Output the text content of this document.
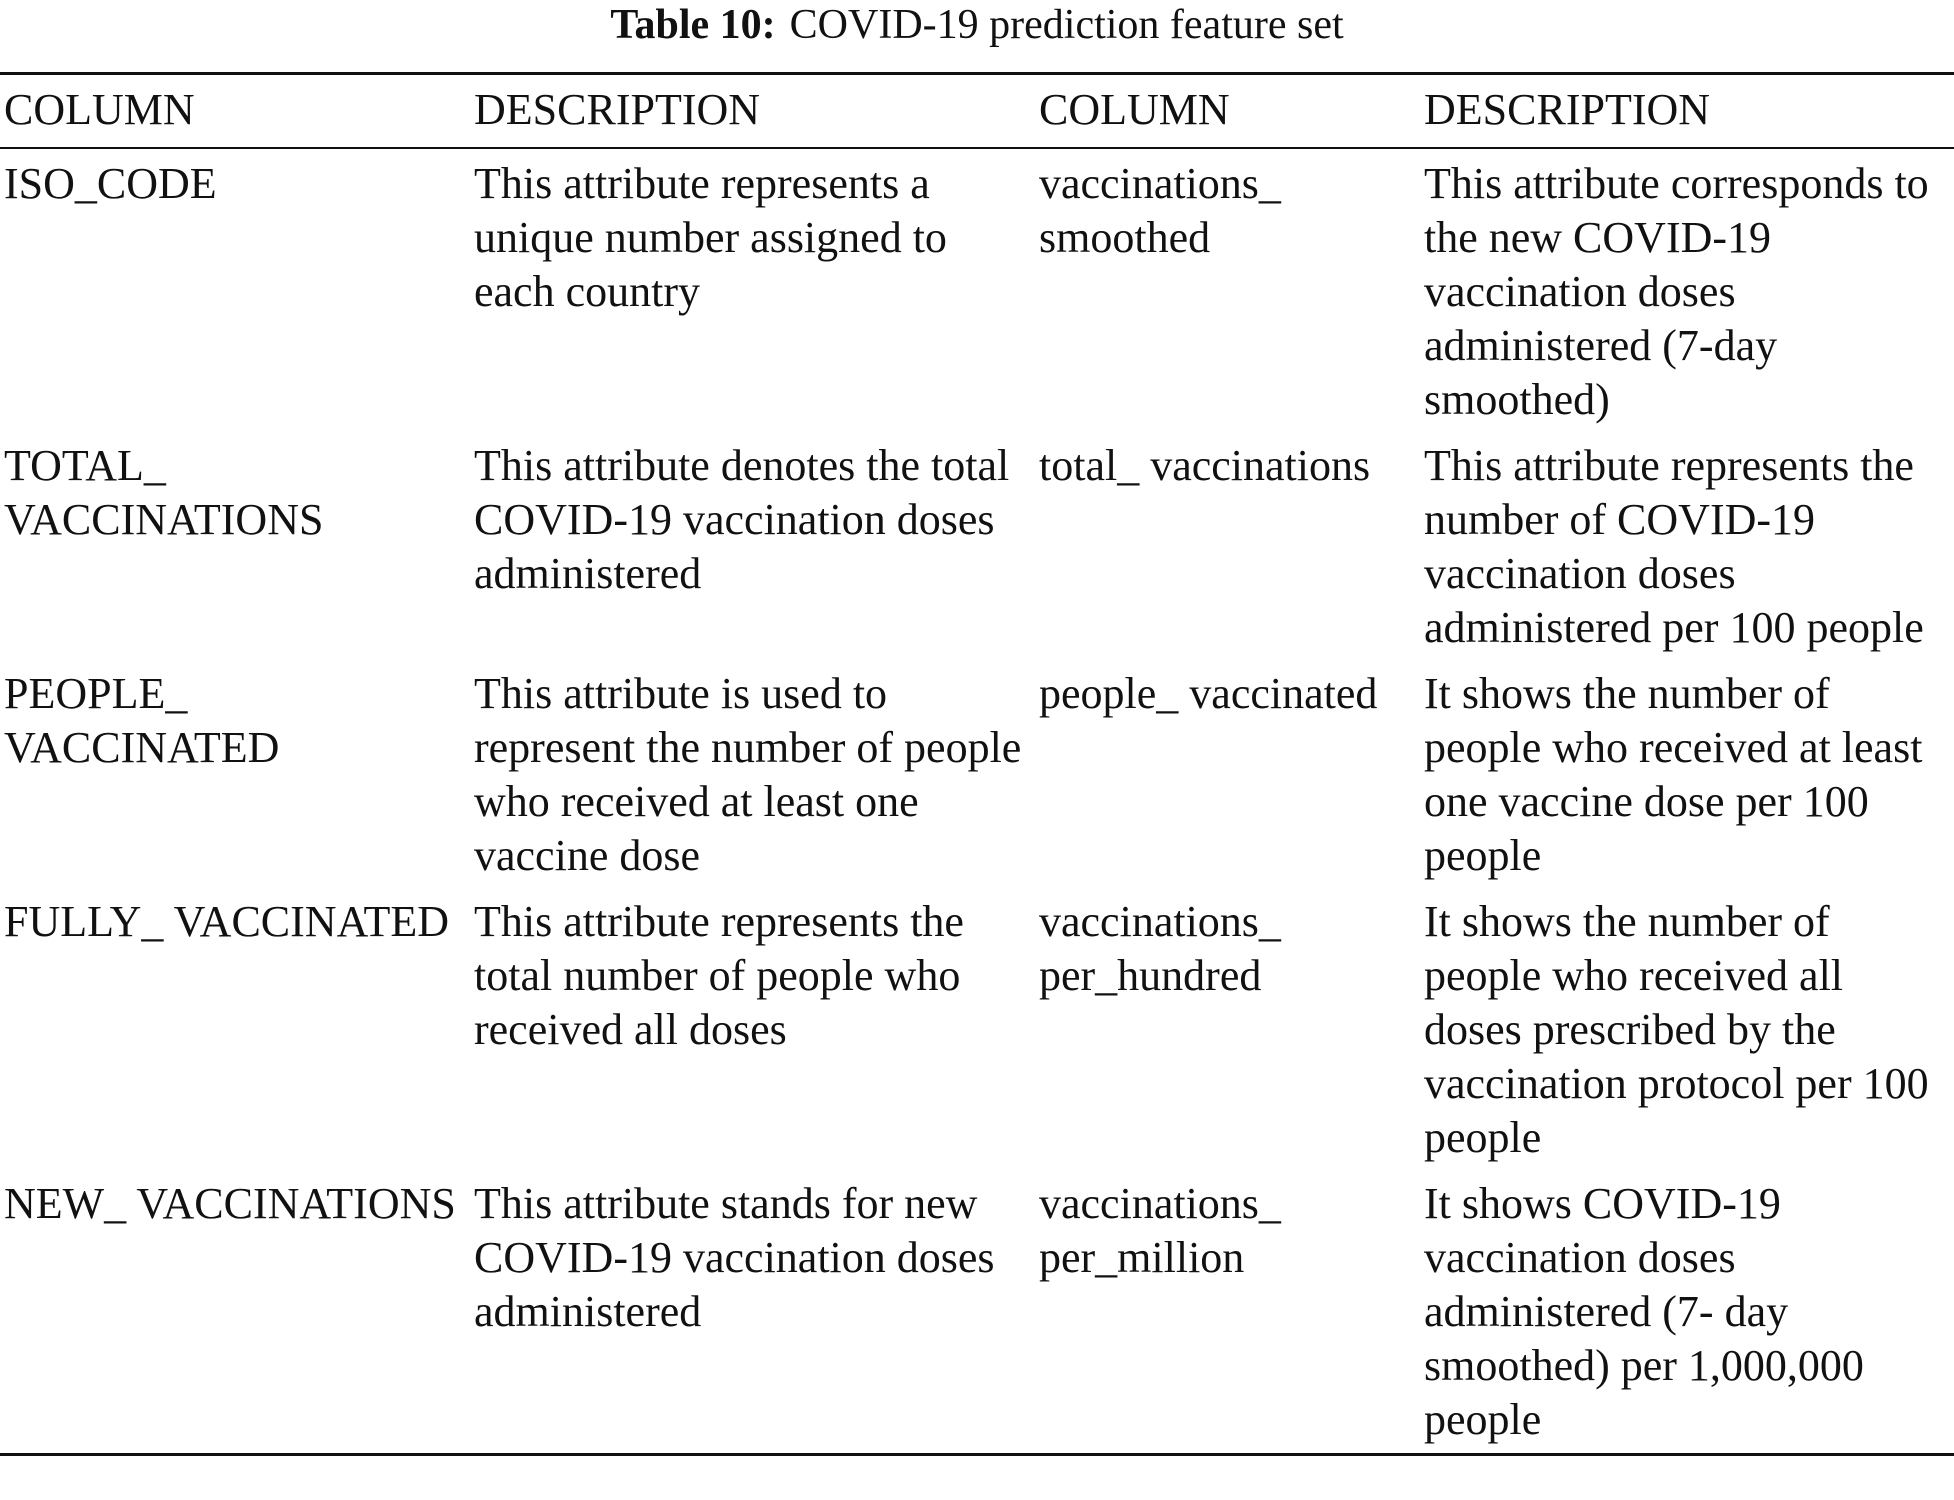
Table 10: COVID-19 prediction feature set
COLUMN	DESCRIPTION	COLUMN	DESCRIPTION

ISO_CODE	This attribute represents a unique number assigned to each country	vaccinations_ smoothed	This attribute corresponds to the new COVID-19 vaccination doses administered (7-day smoothed)

TOTAL_ VACCINATIONS	This attribute denotes the total COVID-19 vaccination doses administered	total_ vaccinations	This attribute represents the number of COVID-19 vaccination doses administered per 100 people

PEOPLE_ VACCINATED	This attribute is used to represent the number of people who received at least one vaccine dose	people_ vaccinated	It shows the number of people who received at least one vaccine dose per 100 people

FULLY_ VACCINATED	This attribute represents the total number of people who received all doses	vaccinations_ per_hundred	It shows the number of people who received all doses prescribed by the vaccination protocol per 100 people

NEW_ VACCINATIONS	This attribute stands for new COVID-19 vaccination doses administered	vaccinations_ per_million	It shows COVID-19 vaccination doses administered (7- day smoothed) per 1,000,000 people
